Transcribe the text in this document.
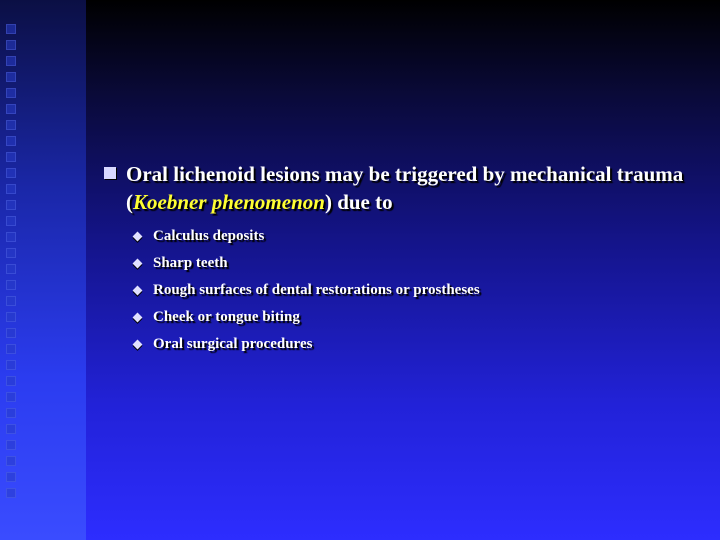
Oral lichenoid lesions may be triggered by mechanical trauma (Koebner phenomenon) due to
Calculus deposits
Sharp teeth
Rough surfaces of dental restorations or prostheses
Cheek or tongue biting
Oral surgical procedures
